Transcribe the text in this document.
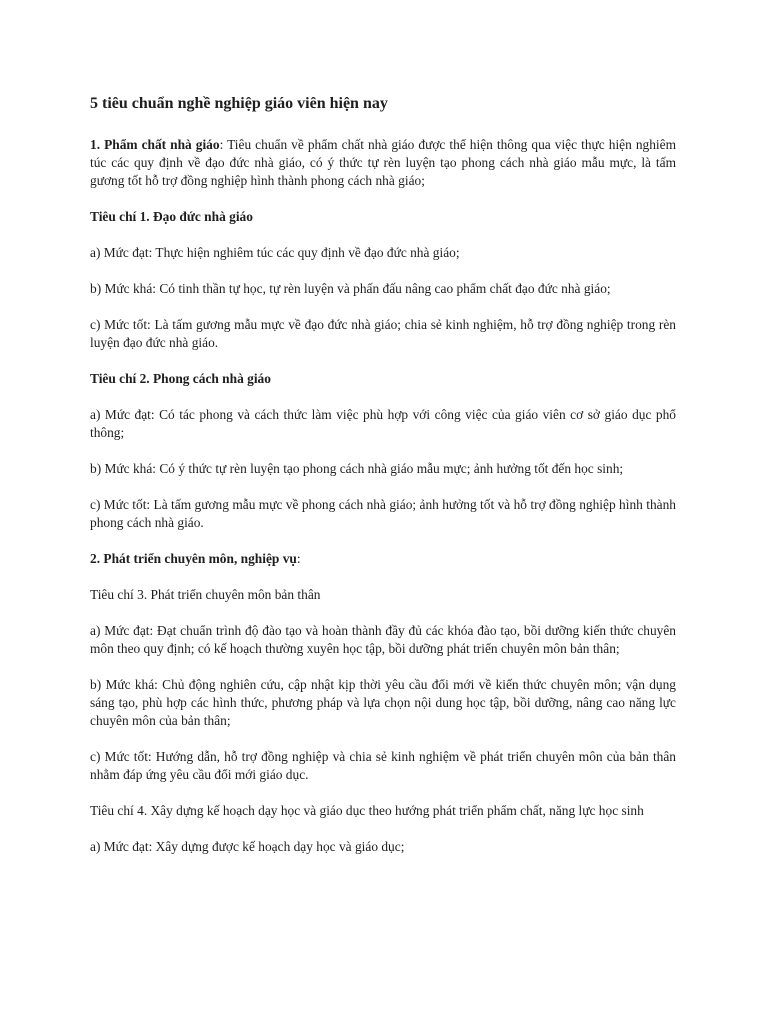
5 tiêu chuẩn nghề nghiệp giáo viên hiện nay

1. Phẩm chất nhà giáo: Tiêu chuẩn về phẩm chất nhà giáo được thể hiện thông qua việc thực hiện nghiêm túc các quy định về đạo đức nhà giáo, có ý thức tự rèn luyện tạo phong cách nhà giáo mẫu mực, là tấm gương tốt hỗ trợ đồng nghiệp hình thành phong cách nhà giáo;

Tiêu chí 1. Đạo đức nhà giáo

a) Mức đạt: Thực hiện nghiêm túc các quy định về đạo đức nhà giáo;

b) Mức khá: Có tinh thần tự học, tự rèn luyện và phấn đấu nâng cao phẩm chất đạo đức nhà giáo;

c) Mức tốt: Là tấm gương mẫu mực về đạo đức nhà giáo; chia sẻ kinh nghiệm, hỗ trợ đồng nghiệp trong rèn luyện đạo đức nhà giáo.

Tiêu chí 2. Phong cách nhà giáo

a) Mức đạt: Có tác phong và cách thức làm việc phù hợp với công việc của giáo viên cơ sở giáo dục phổ thông;

b) Mức khá: Có ý thức tự rèn luyện tạo phong cách nhà giáo mẫu mực; ảnh hưởng tốt đến học sinh;

c) Mức tốt: Là tấm gương mẫu mực về phong cách nhà giáo; ảnh hưởng tốt và hỗ trợ đồng nghiệp hình thành phong cách nhà giáo.

2. Phát triển chuyên môn, nghiệp vụ:

Tiêu chí 3. Phát triển chuyên môn bản thân

a) Mức đạt: Đạt chuẩn trình độ đào tạo và hoàn thành đầy đủ các khóa đào tạo, bồi dưỡng kiến thức chuyên môn theo quy định; có kế hoạch thường xuyên học tập, bồi dưỡng phát triển chuyên môn bản thân;

b) Mức khá: Chủ động nghiên cứu, cập nhật kịp thời yêu cầu đổi mới về kiến thức chuyên môn; vận dụng sáng tạo, phù hợp các hình thức, phương pháp và lựa chọn nội dung học tập, bồi dưỡng, nâng cao năng lực chuyên môn của bản thân;

c) Mức tốt: Hướng dẫn, hỗ trợ đồng nghiệp và chia sẻ kinh nghiệm về phát triển chuyên môn của bản thân nhằm đáp ứng yêu cầu đổi mới giáo dục.

Tiêu chí 4. Xây dựng kế hoạch dạy học và giáo dục theo hướng phát triển phẩm chất, năng lực học sinh

a) Mức đạt: Xây dựng được kế hoạch dạy học và giáo dục;
